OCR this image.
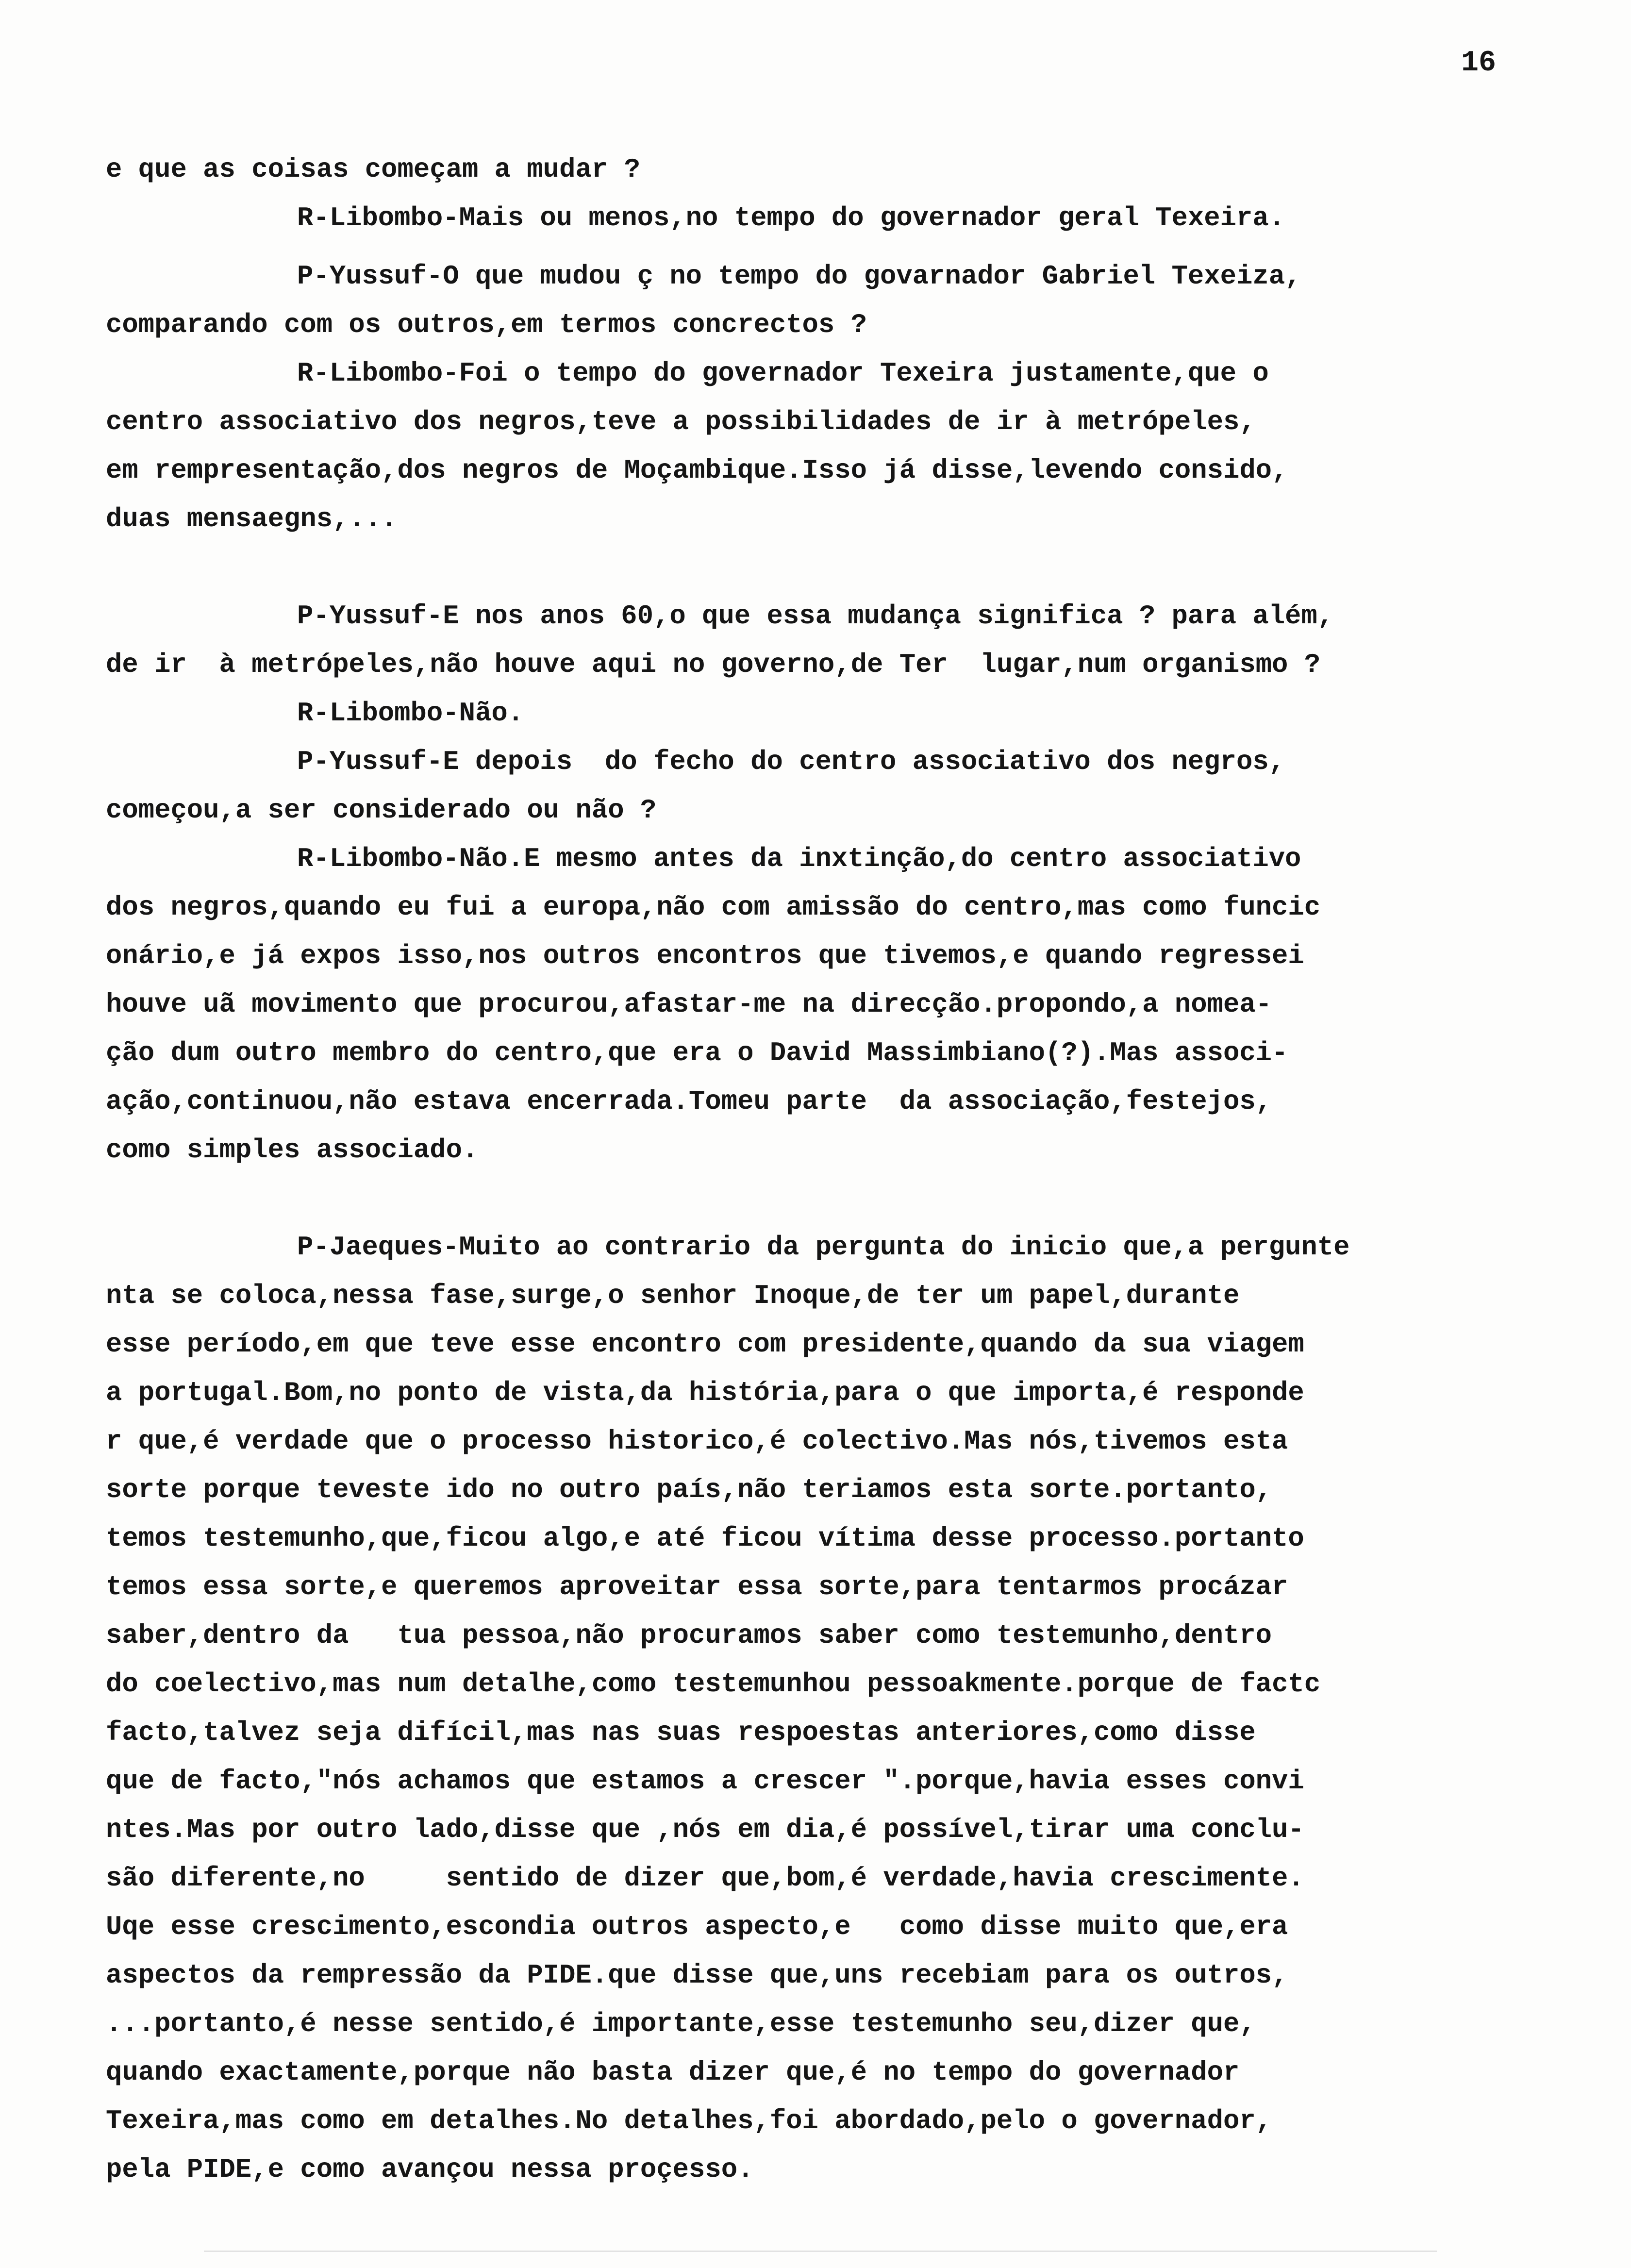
16
e que as coisas começam a mudar ?
R-Libombo-Mais ou menos,no tempo do governador geral Texeira.
P-Yussuf-O que mudou ç no tempo do govarnador Gabriel Texeiza,
comparando com os outros,em termos concrectos ?
R-Libombo-Foi o tempo do governador Texeira justamente,que o
centro associativo dos negros,teve a possibilidades de ir à metrópeles,
em rempresentação,dos negros de Moçambique.Isso já disse,levendo consido,
duas mensaegns,...
P-Yussuf-E nos anos 60,o que essa mudança significa ? para além,
de ir  à metrópeles,não houve aqui no governo,de Ter  lugar,num organismo ?
R-Libombo-Não.
P-Yussuf-E depois  do fecho do centro associativo dos negros,
começou,a ser considerado ou não ?
R-Libombo-Não.E mesmo antes da inxtinção,do centro associativo
dos negros,quando eu fui a europa,não com amissão do centro,mas como funcic
onário,e já expos isso,nos outros encontros que tivemos,e quando regressei
houve uã movimento que procurou,afastar-me na direcção.propondo,a nomea-
ção dum outro membro do centro,que era o David Massimbiano(?).Mas associ-
ação,continuou,não estava encerrada.Tomeu parte  da associação,festejos,
como simples associado.
P-Jaeques-Muito ao contrario da pergunta do inicio que,a pergunte
nta se coloca,nessa fase,surge,o senhor Inoque,de ter um papel,durante
esse período,em que teve esse encontro com presidente,quando da sua viagem
a portugal.Bom,no ponto de vista,da história,para o que importa,é responde
r que,é verdade que o processo historico,é colectivo.Mas nós,tivemos esta
sorte porque teveste ido no outro país,não teriamos esta sorte.portanto,
temos testemunho,que,ficou algo,e até ficou vítima desse processo.portanto
temos essa sorte,e queremos aproveitar essa sorte,para tentarmos procázar
saber,dentro da   tua pessoa,não procuramos saber como testemunho,dentro
do coelectivo,mas num detalhe,como testemunhou pessoakmente.porque de factc
facto,talvez seja difícil,mas nas suas respoestas anteriores,como disse
que de facto,"nós achamos que estamos a crescer ".porque,havia esses convi
ntes.Mas por outro lado,disse que ,nós em dia,é possível,tirar uma conclu-
são diferente,no     sentido de dizer que,bom,é verdade,havia crescimente.
Uqe esse crescimento,escondia outros aspecto,e   como disse muito que,era
aspectos da rempressão da PIDE.que disse que,uns recebiam para os outros,
...portanto,é nesse sentido,é importante,esse testemunho seu,dizer que,
quando exactamente,porque não basta dizer que,é no tempo do governador
Texeira,mas como em detalhes.No detalhes,foi abordado,pelo o governador,
pela PIDE,e como avançou nessa proçesso.
